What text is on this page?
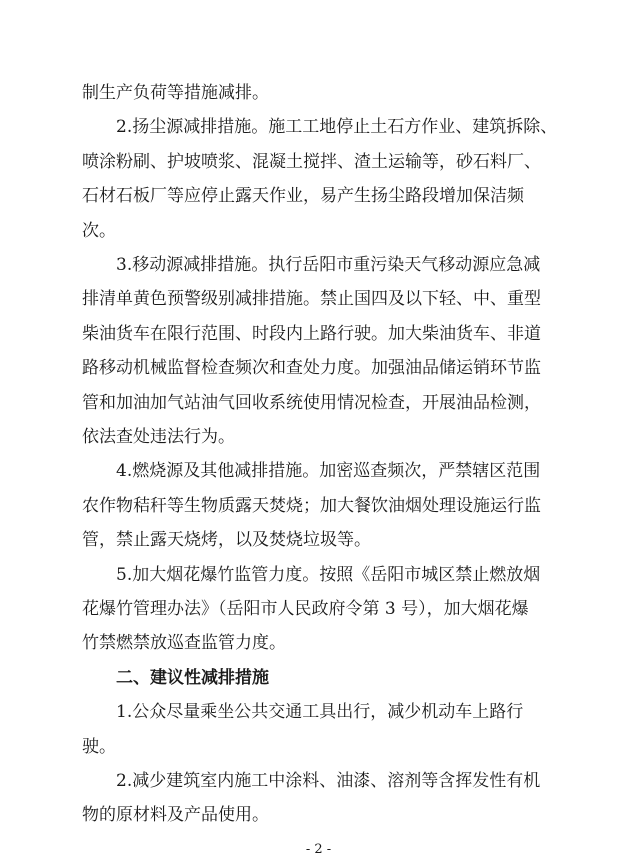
制生产负荷等措施减排。
2.扬尘源减排措施。施工工地停止土石方作业、建筑拆除、
喷涂粉刷、护坡喷浆、混凝土搅拌、渣土运输等，砂石料厂、
石材石板厂等应停止露天作业，易产生扬尘路段增加保洁频
次。
3.移动源减排措施。执行岳阳市重污染天气移动源应急减
排清单黄色预警级别减排措施。禁止国四及以下轻、中、重型
柴油货车在限行范围、时段内上路行驶。加大柴油货车、非道
路移动机械监督检查频次和查处力度。加强油品储运销环节监
管和加油加气站油气回收系统使用情况检查，开展油品检测，
依法查处违法行为。
4.燃烧源及其他减排措施。加密巡查频次，严禁辖区范围
农作物秸秆等生物质露天焚烧；加大餐饮油烟处理设施运行监
管，禁止露天烧烤，以及焚烧垃圾等。
5.加大烟花爆竹监管力度。按照《岳阳市城区禁止燃放烟
花爆竹管理办法》（岳阳市人民政府令第 3 号），加大烟花爆
竹禁燃禁放巡查监管力度。
二、建议性减排措施
1.公众尽量乘坐公共交通工具出行，减少机动车上路行
驶。
2.减少建筑室内施工中涂料、油漆、溶剂等含挥发性有机
物的原材料及产品使用。
- 2 -
